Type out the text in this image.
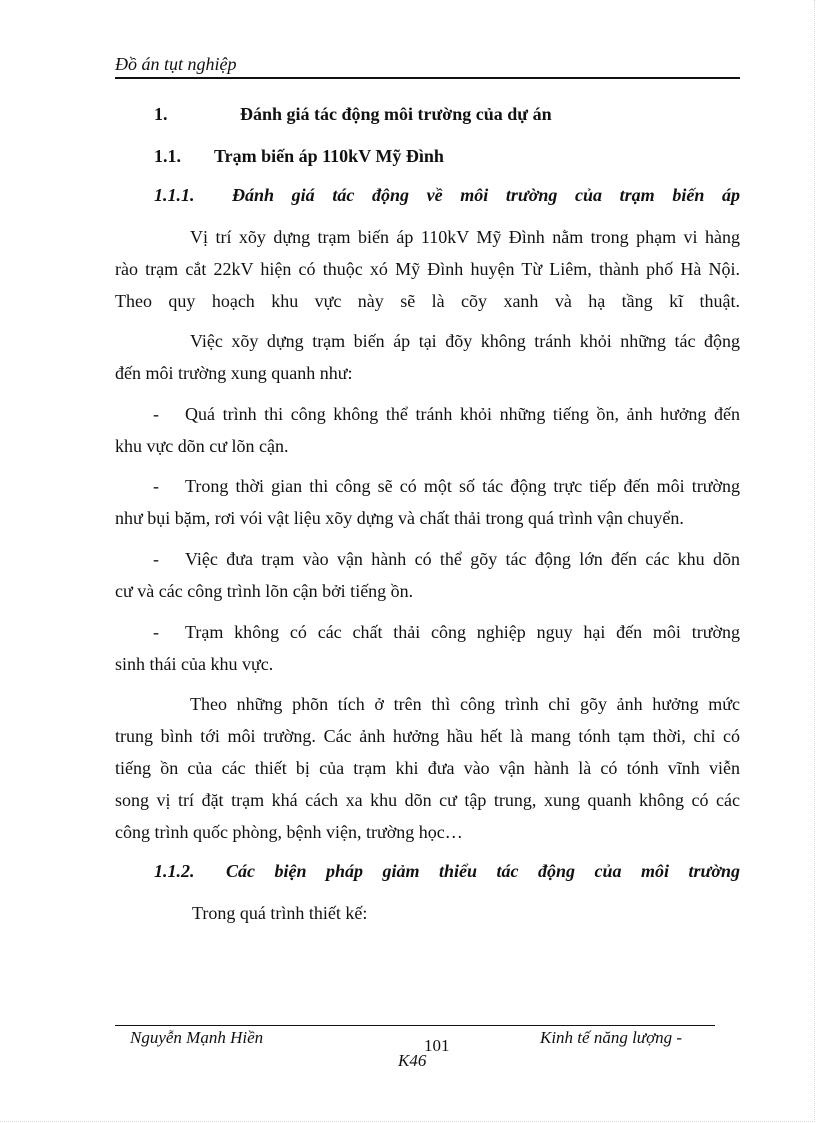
Đồ án tụt nghiệp
1.	Đánh giá tác động môi trường của dự án
1.1. Trạm biến áp 110kV Mỹ Đình
1.1.1. Đánh giá tác động về môi trường của trạm biến áp
Vị trí xõy dựng trạm biến áp 110kV Mỹ Đình nằm trong phạm vi hàng
rào trạm cắt 22kV hiện có thuộc xó Mỹ Đình huyện Từ Liêm, thành phố Hà Nội.
Theo quy hoạch khu vực này sẽ là cõy xanh và hạ tầng kĩ thuật.
Việc xõy dựng trạm biến áp tại đõy không tránh khỏi những tác động
đến môi trường xung quanh như:
-	Quá trình thi công không thể tránh khỏi những tiếng ồn, ảnh hưởng đến
khu vực dõn cư lõn cận.
-	Trong thời gian thi công sẽ có một số tác động trực tiếp đến môi trường
như bụi bặm, rơi vói vật liệu xõy dựng và chất thải trong quá trình vận chuyển.
-	Việc đưa trạm vào vận hành có thể gõy tác động lớn đến các khu dõn
cư và các công trình lõn cận bởi tiếng ồn.
-	Trạm không có các chất thải công nghiệp nguy hại đến môi trường
sinh thái của khu vực.
Theo những phõn tích ở trên thì công trình chỉ gõy ảnh hưởng mức
trung bình tới môi trường. Các ảnh hưởng hầu hết là mang tónh tạm thời, chỉ có
tiếng ồn của các thiết bị của trạm khi đưa vào vận hành là có tónh vĩnh viễn
song vị trí đặt trạm khá cách xa khu dõn cư tập trung, xung quanh không có các
công trình quốc phòng, bệnh viện, trường học…
1.1.2. Các biện pháp giảm thiểu tác động của môi trường
Trong quá trình thiết kế:
Nguyễn Mạnh Hiền	101	Kinh tế năng lượng -
K46
